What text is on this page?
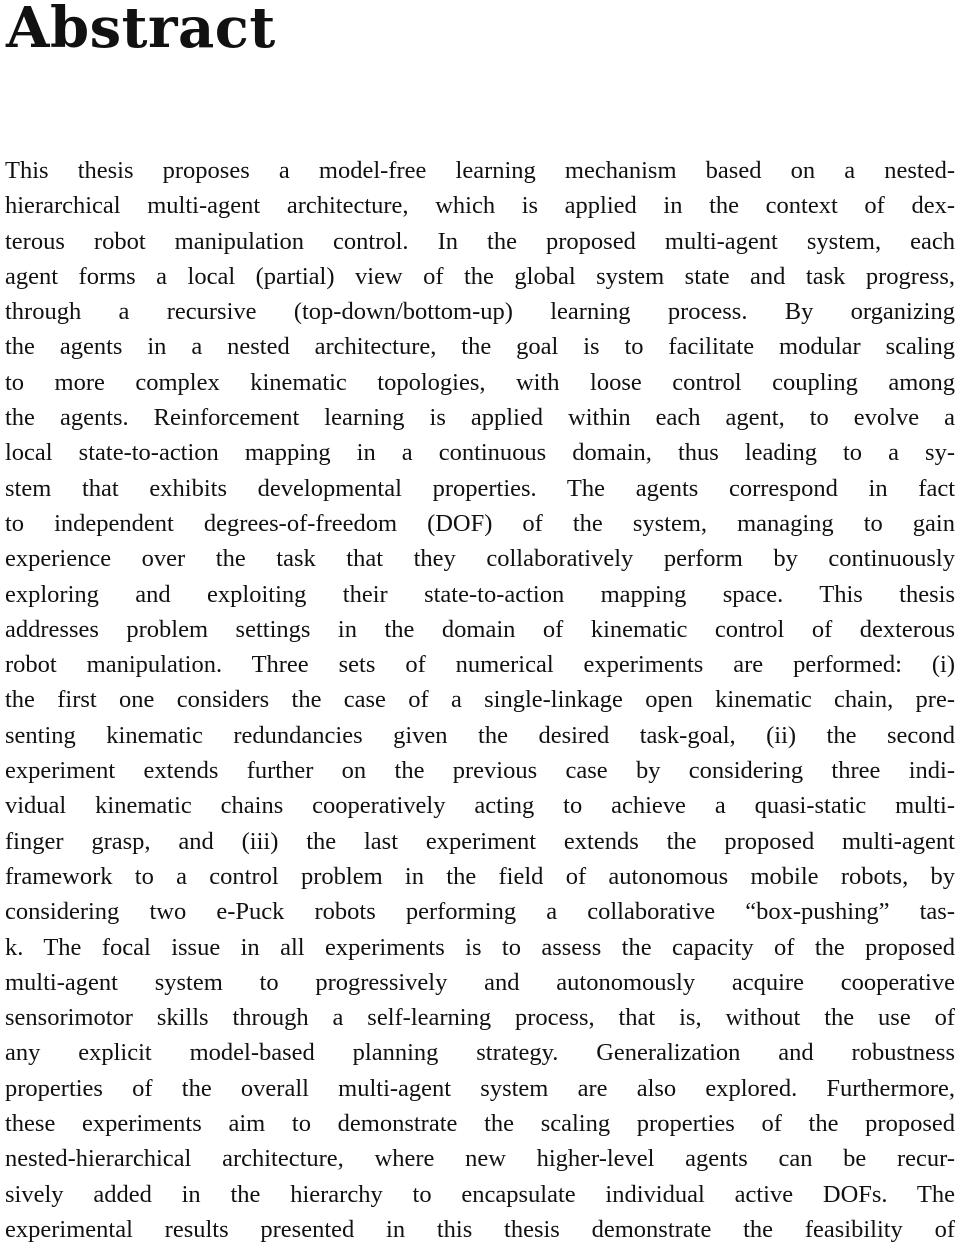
Abstract
This thesis proposes a model-free learning mechanism based on a nested-
hierarchical multi-agent architecture, which is applied in the context of dex-
terous robot manipulation control. In the proposed multi-agent system, each
agent forms a local (partial) view of the global system state and task progress,
through a recursive (top-down/bottom-up) learning process. By organizing
the agents in a nested architecture, the goal is to facilitate modular scaling
to more complex kinematic topologies, with loose control coupling among
the agents. Reinforcement learning is applied within each agent, to evolve a
local state-to-action mapping in a continuous domain, thus leading to a sy-
stem that exhibits developmental properties. The agents correspond in fact
to independent degrees-of-freedom (DOF) of the system, managing to gain
experience over the task that they collaboratively perform by continuously
exploring and exploiting their state-to-action mapping space. This thesis
addresses problem settings in the domain of kinematic control of dexterous
robot manipulation. Three sets of numerical experiments are performed: (i)
the first one considers the case of a single-linkage open kinematic chain, pre-
senting kinematic redundancies given the desired task-goal, (ii) the second
experiment extends further on the previous case by considering three indi-
vidual kinematic chains cooperatively acting to achieve a quasi-static multi-
finger grasp, and (iii) the last experiment extends the proposed multi-agent
framework to a control problem in the field of autonomous mobile robots, by
considering two e-Puck robots performing a collaborative “box-pushing” tas-
k. The focal issue in all experiments is to assess the capacity of the proposed
multi-agent system to progressively and autonomously acquire cooperative
sensorimotor skills through a self-learning process, that is, without the use of
any explicit model-based planning strategy. Generalization and robustness
properties of the overall multi-agent system are also explored. Furthermore,
these experiments aim to demonstrate the scaling properties of the proposed
nested-hierarchical architecture, where new higher-level agents can be recur-
sively added in the hierarchy to encapsulate individual active DOFs. The
experimental results presented in this thesis demonstrate the feasibility of
